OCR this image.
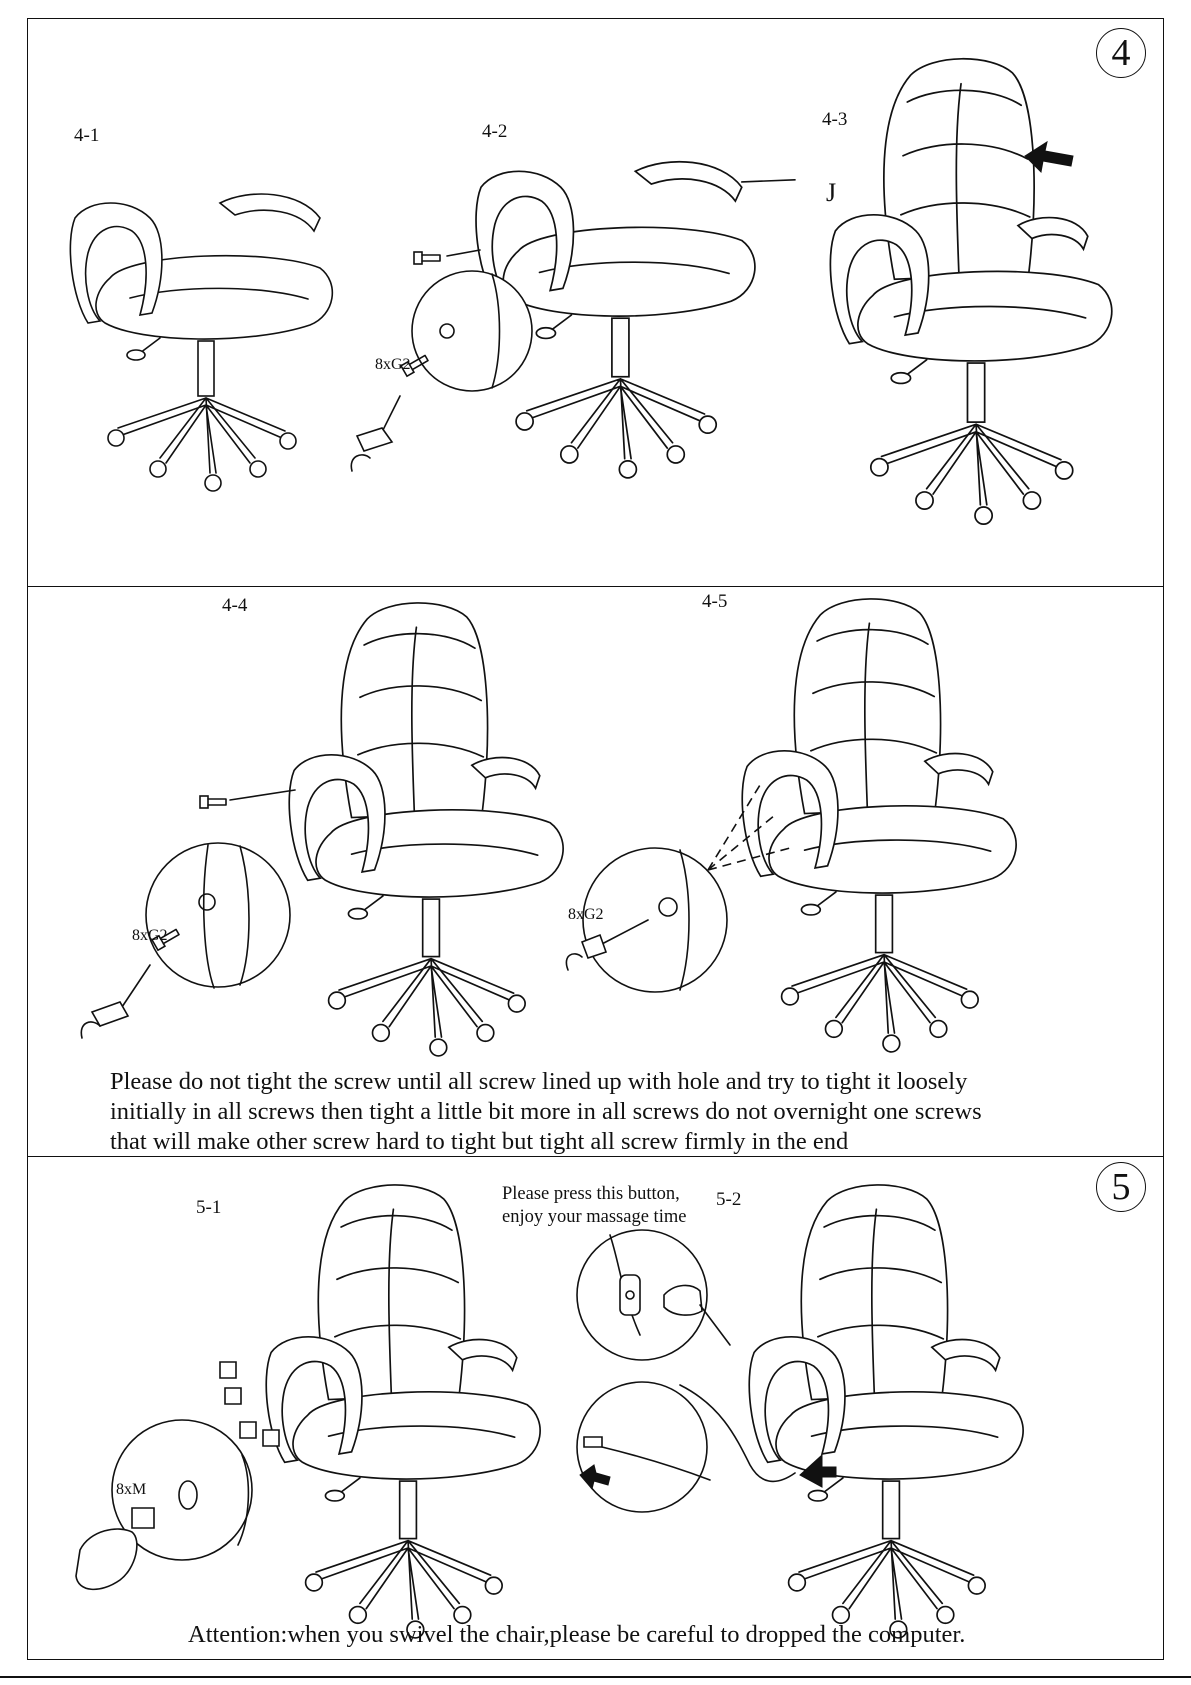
4
4-1	4-2
J
8xG2
4-3
4-4
8xG2
4-5
8xG2
Please do not tight the screw until all screw lined up with hole and try to tight it loosely
initially in all screws then tight a little bit more in all screws do not overnight one screws
that will make other screw hard to tight but tight all screw firmly in the end
5
5-1
8xM
Please press this button,
enjoy your massage time
5-2
Attention:when you swivel the chair,please be careful to dropped the computer.
